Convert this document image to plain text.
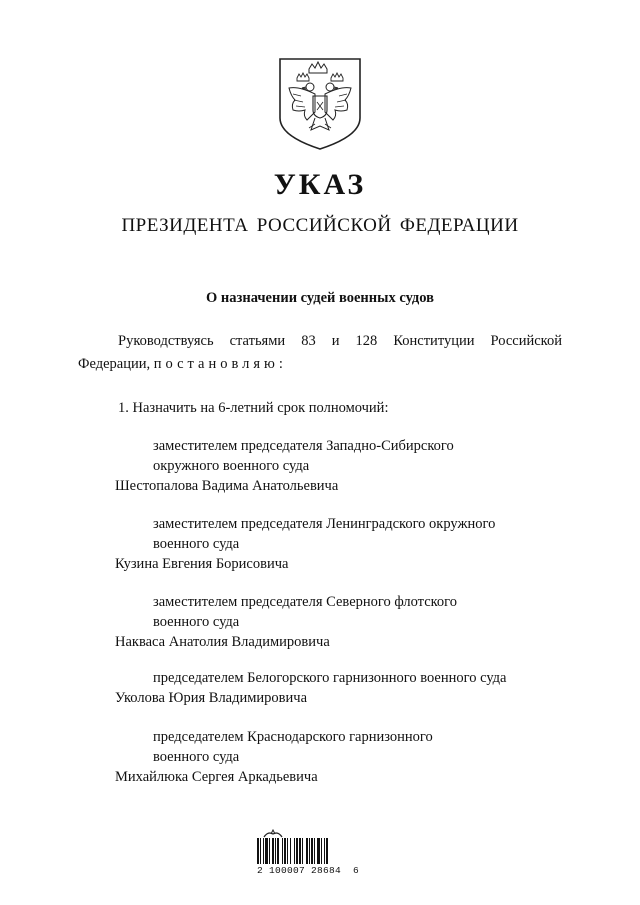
УКАЗ
ПРЕЗИДЕНТА РОССИЙСКОЙ ФЕДЕРАЦИИ
О назначении судей военных судов
Руководствуясь статьями 83 и 128 Конституции Российской Федерации, постановляю:
1. Назначить на 6-летний срок полномочий:
заместителем председателя Западно-Сибирского
окружного военного суда
Шестопалова Вадима Анатольевича
заместителем председателя Ленинградского окружного
военного суда
Кузина Евгения Борисовича
заместителем председателя Северного флотского
военного суда
Накваса Анатолия Владимировича
председателем Белогорского гарнизонного военного суда
Уколова Юрия Владимировича
председателем Краснодарского гарнизонного
военного суда
Михайлюка Сергея Аркадьевича
2 100007 28684  6
